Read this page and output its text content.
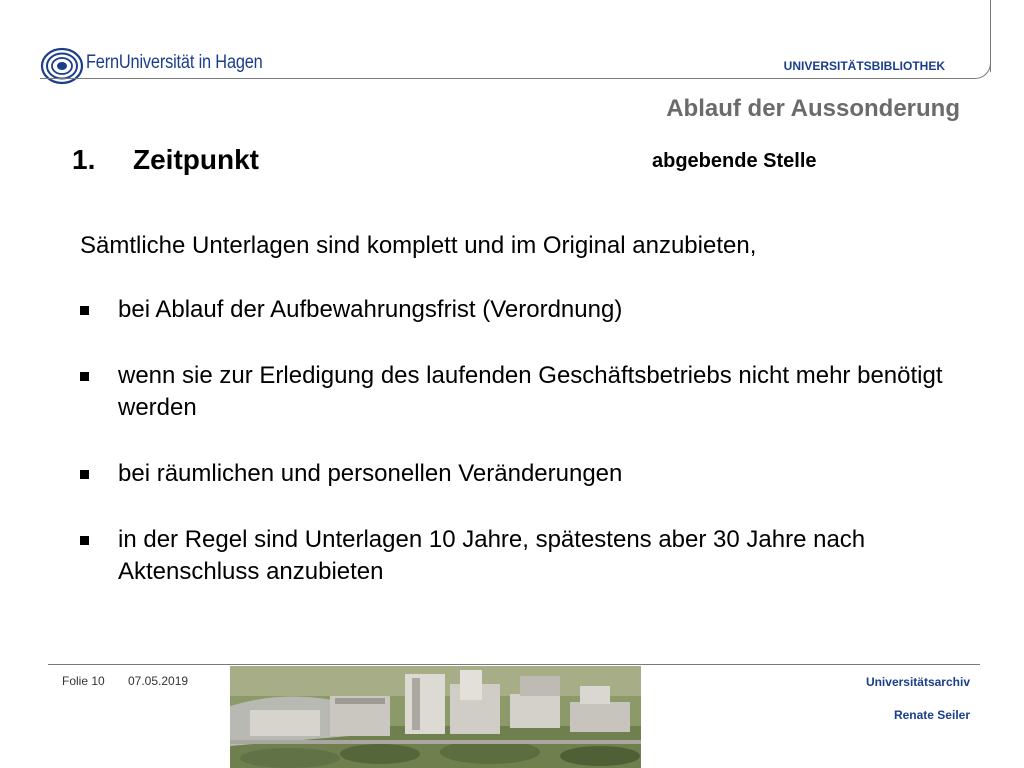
FernUniversität in Hagen	UNIVERSITÄTSBIBLIOTHEK
Ablauf der Aussonderung
1. Zeitpunkt	abgebende Stelle
Sämtliche Unterlagen sind komplett und im Original anzubieten,
bei Ablauf der Aufbewahrungsfrist (Verordnung)
wenn sie zur Erledigung des laufenden Geschäftsbetriebs nicht mehr benötigt werden
bei räumlichen und personellen Veränderungen
in der Regel sind Unterlagen 10 Jahre, spätestens aber 30 Jahre nach Aktenschluss anzubieten
Folie 10 07.05.2019	Universitätsarchiv
Renate Seiler
